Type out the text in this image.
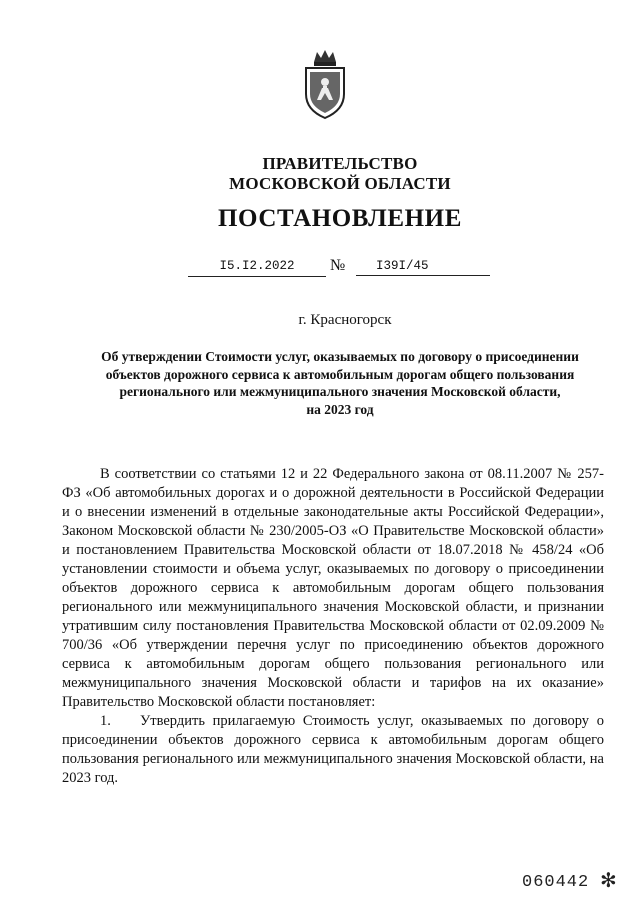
ПРАВИТЕЛЬСТВО
МОСКОВСКОЙ ОБЛАСТИ
ПОСТАНОВЛЕНИЕ
I5.I2.2022	№	I39I/45
г. Красногорск
Об утверждении Стоимости услуг, оказываемых по договору о присоединении
объектов дорожного сервиса к автомобильным дорогам общего пользования
регионального или межмуниципального значения Московской области,
на 2023 год

В соответствии со статьями 12 и 22 Федерального закона от 08.11.2007 № 257-ФЗ «Об автомобильных дорогах и о дорожной деятельности в Российской Федерации и о внесении изменений в отдельные законодательные акты Российской Федерации», Законом Московской области № 230/2005-ОЗ «О Правительстве Московской области» и постановлением Правительства Московской области от 18.07.2018 № 458/24 «Об установлении стоимости и объема услуг, оказываемых по договору о присоединении объектов дорожного сервиса к автомобильным дорогам общего пользования регионального или межмуниципального значения Московской области, и признании утратившим силу постановления Правительства Московской области от 02.09.2009 № 700/36 «Об утверждении перечня услуг по присоединению объектов дорожного сервиса к автомобильным дорогам общего пользования регионального или межмуниципального значения Московской области и тарифов на их оказание» Правительство Московской области постановляет:

1. Утвердить прилагаемую Стоимость услуг, оказываемых по договору о присоединении объектов дорожного сервиса к автомобильным дорогам общего пользования регионального или межмуниципального значения Московской области, на 2023 год.

060442 ✻
